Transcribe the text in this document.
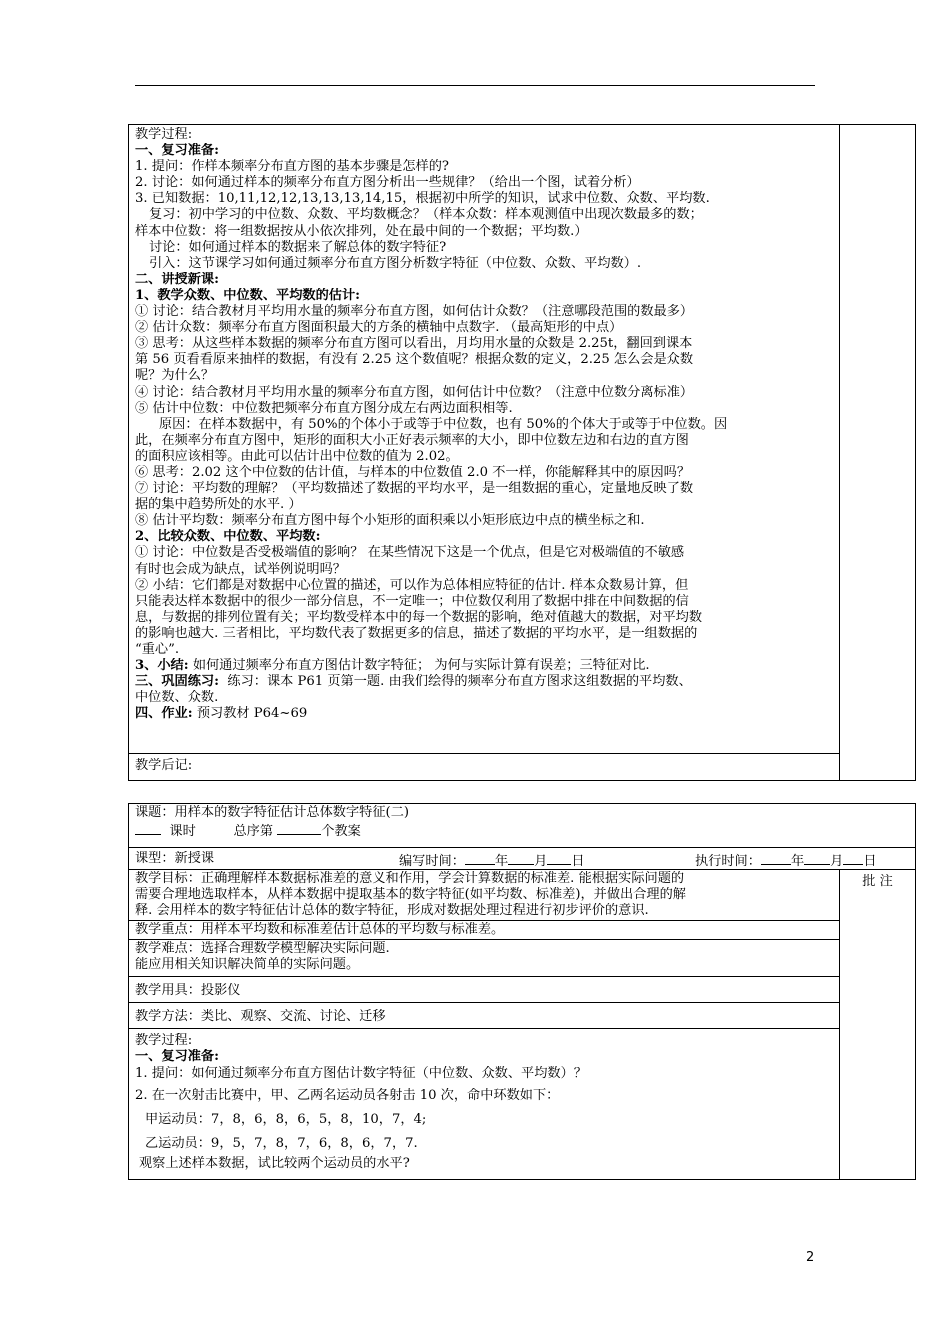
教学过程:
一、复习准备:
1. 提问：作样本频率分布直方图的基本步骤是怎样的?
2. 讨论：如何通过样本的频率分布直方图分析出一些规律？（给出一个图，试着分析）
3. 已知数据：10,11,12,12,13,13,13,14,15，根据初中所学的知识，试求中位数、众数、平均数.
复习：初中学习的中位数、众数、平均数概念？（样本众数：样本观测值中出现次数最多的数；
样本中位数：将一组数据按从小依次排列，处在最中间的一个数据；平均数.）
讨论：如何通过样本的数据来了解总体的数字特征?
引入：这节课学习如何通过频率分布直方图分析数字特征（中位数、众数、平均数）.
二、讲授新课:
1、教学众数、中位数、平均数的估计:
① 讨论：结合教材月平均用水量的频率分布直方图，如何估计众数？（注意哪段范围的数最多）
② 估计众数：频率分布直方图面积最大的方条的横轴中点数字. （最高矩形的中点）
③ 思考：从这些样本数据的频率分布直方图可以看出，月均用水量的众数是 2.25t，翻回到课本
第 56 页看看原来抽样的数据，有没有 2.25 这个数值呢？根据众数的定义，2.25 怎么会是众数
呢？为什么？
④ 讨论：结合教材月平均用水量的频率分布直方图，如何估计中位数？（注意中位数分离标准）
⑤ 估计中位数：中位数把频率分布直方图分成左右两边面积相等.
原因：在样本数据中，有 50%的个体小于或等于中位数，也有 50%的个体大于或等于中位数。因
此，在频率分布直方图中，矩形的面积大小正好表示频率的大小，即中位数左边和右边的直方图
的面积应该相等。由此可以估计出中位数的值为 2.02。
⑥ 思考：2.02 这个中位数的估计值，与样本的中位数值 2.0 不一样，你能解释其中的原因吗？
⑦ 讨论：平均数的理解？（平均数描述了数据的平均水平，是一组数据的重心，定量地反映了数
据的集中趋势所处的水平. ）
⑧ 估计平均数：频率分布直方图中每个小矩形的面积乘以小矩形底边中点的横坐标之和.
2、比较众数、中位数、平均数:
① 讨论：中位数是否受极端值的影响？ 在某些情况下这是一个优点，但是它对极端值的不敏感
有时也会成为缺点，试举例说明吗？
② 小结：它们都是对数据中心位置的描述，可以作为总体相应特征的估计. 样本众数易计算，但
只能表达样本数据中的很少一部分信息，不一定唯一；中位数仅利用了数据中排在中间数据的信
息，与数据的排列位置有关；平均数受样本中的每一个数据的影响，绝对值越大的数据，对平均数
的影响也越大. 三者相比，平均数代表了数据更多的信息，描述了数据的平均水平，是一组数据的
“重心”.
3、小结: 如何通过频率分布直方图估计数字特征； 为何与实际计算有误差；三特征对比.
三、巩固练习: 练习：课本 P61 页第一题. 由我们绘得的频率分布直方图求这组数据的平均数、
中位数、众数.
四、作业: 预习教材 P64~69

教学后记:
课题：用样本的数字特征估计总体数字特征(二)
课时	总序第	个教案

课型：新授课	编写时间： 年 月 日	执行时间： 年 月 日

教学目标：正确理解样本数据标准差的意义和作用，学会计算数据的标准差. 能根据实际问题的
需要合理地选取样本，从样本数据中提取基本的数字特征(如平均数、标准差)，并做出合理的解
释. 会用样本的数字特征估计总体的数字特征，形成对数据处理过程进行初步评价的意识.

批 注

教学重点：用样本平均数和标准差估计总体的平均数与标准差。

教学难点：选择合理数学模型解决实际问题.
能应用相关知识解决简单的实际问题。

教学用具：投影仪

教学方法：类比、观察、交流、讨论、迁移

教学过程:
一、复习准备:
1. 提问：如何通过频率分布直方图估计数字特征（中位数、众数、平均数）？
2. 在一次射击比赛中，甲、乙两名运动员各射击 10 次，命中环数如下：
甲运动员：7，8，6，8，6，5，8，10，7，4;
乙运动员：9，5，7，8，7，6，8，6，7，7.
观察上述样本数据，试比较两个运动员的水平?
2
